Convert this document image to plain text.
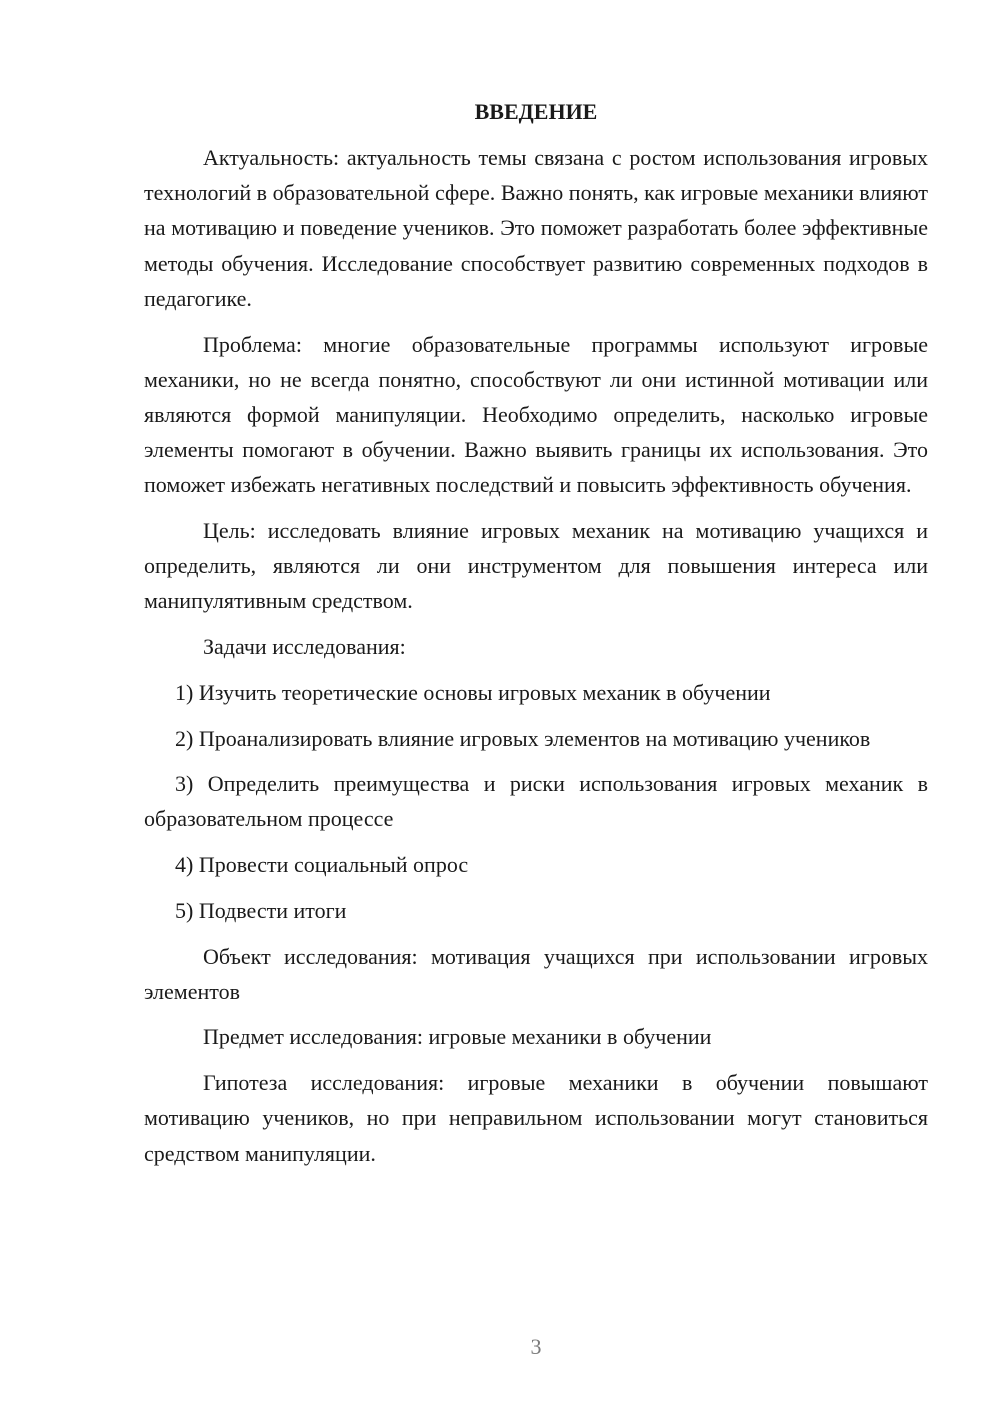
ВВЕДЕНИЕ

Актуальность: актуальность темы связана с ростом использования игровых технологий в образовательной сфере. Важно понять, как игровые механики влияют на мотивацию и поведение учеников. Это поможет разработать более эффективные методы обучения. Исследование способствует развитию современных подходов в педагогике.

Проблема: многие образовательные программы используют игровые механики, но не всегда понятно, способствуют ли они истинной мотивации или являются формой манипуляции. Необходимо определить, насколько игровые элементы помогают в обучении. Важно выявить границы их использования. Это поможет избежать негативных последствий и повысить эффективность обучения.

Цель: исследовать влияние игровых механик на мотивацию учащихся и определить, являются ли они инструментом для повышения интереса или манипулятивным средством.

Задачи исследования:

1) Изучить теоретические основы игровых механик в обучении

2) Проанализировать влияние игровых элементов на мотивацию учеников

3) Определить преимущества и риски использования игровых механик в образовательном процессе

4) Провести социальный опрос

5) Подвести итоги

Объект исследования: мотивация учащихся при использовании игровых элементов

Предмет исследования: игровые механики в обучении

Гипотеза исследования: игровые механики в обучении повышают мотивацию учеников, но при неправильном использовании могут становиться средством манипуляции.

3
